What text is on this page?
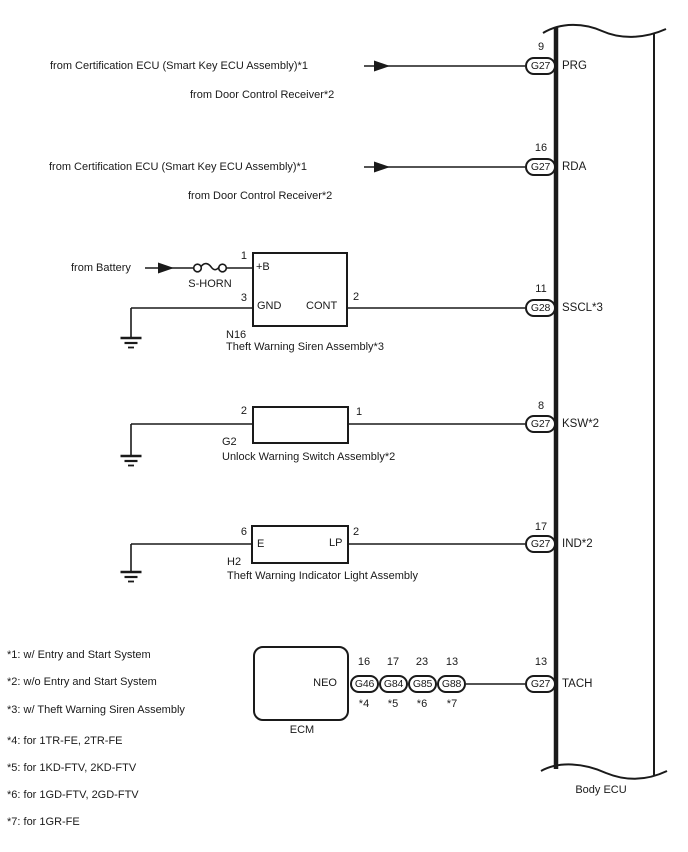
from Certification ECU (Smart Key ECU Assembly)*1
from Door Control Receiver*2
from Certification ECU (Smart Key ECU Assembly)*1
from Door Control Receiver*2
from Battery
S-HORN
1
+B
3
GND CONT
2
N16
Theft Warning Siren Assembly*3
2	1
G2
Unlock Warning Switch Assembly*2
6
E	LP
2
H2
Theft Warning Indicator Light Assembly
NEO
ECM
16	17	23	13
G46 G84 G85 G88
*4	*5	*6	*7
9
G27	PRG
16
G27	RDA
11
G28	SSCL*3
8
G27	KSW*2
17
G27	IND*2
13
G27	TACH
Body ECU
*1: w/ Entry and Start System
*2: w/o Entry and Start System
*3: w/ Theft Warning Siren Assembly
*4: for 1TR-FE, 2TR-FE
*5: for 1KD-FTV, 2KD-FTV
*6: for 1GD-FTV, 2GD-FTV
*7: for 1GR-FE
